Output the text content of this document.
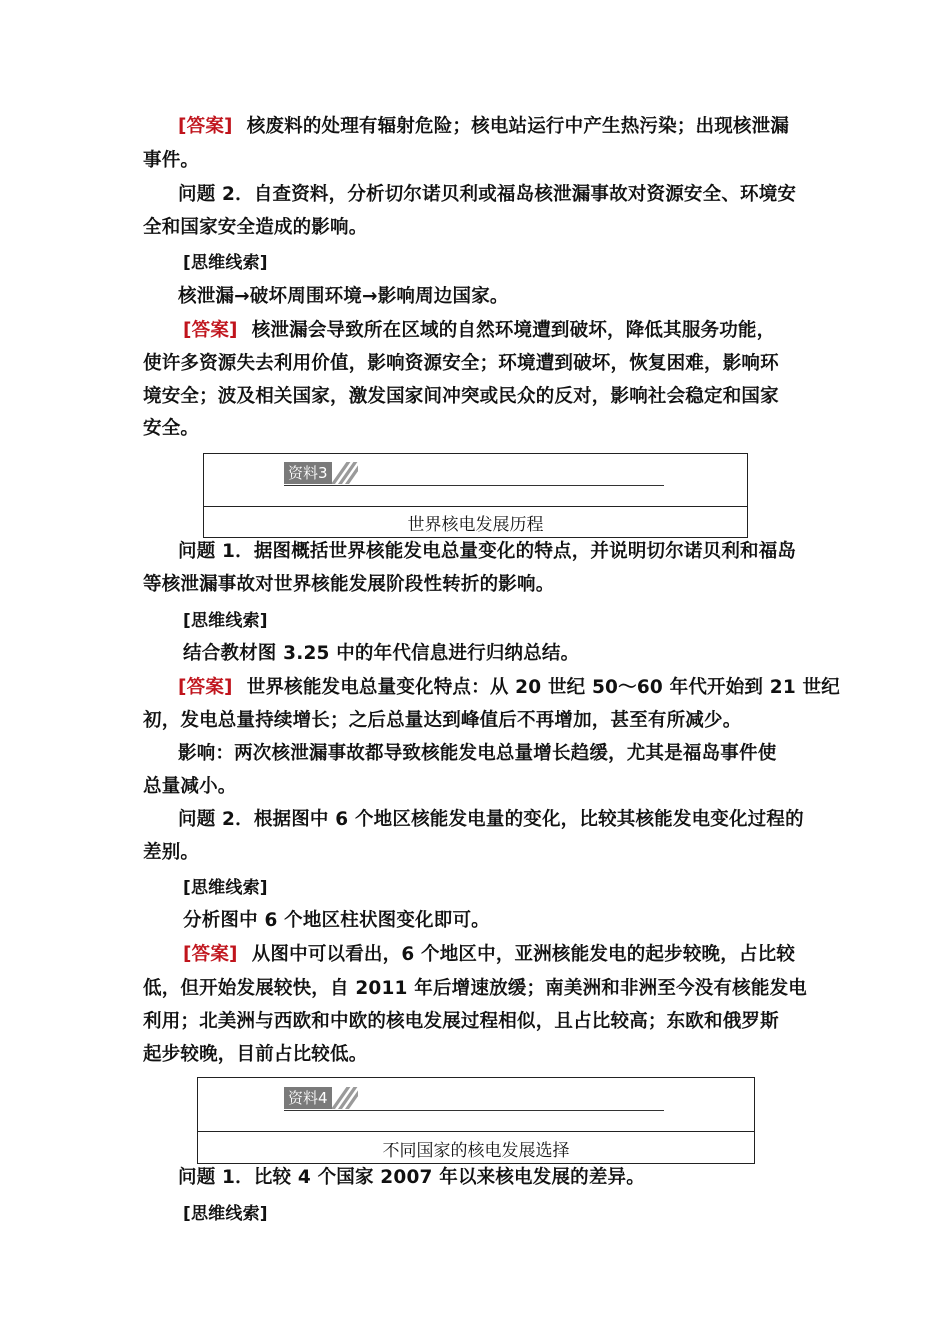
[答案] 核废料的处理有辐射危险；核电站运行中产生热污染；出现核泄漏
事件。
问题 2．自查资料，分析切尔诺贝利或福岛核泄漏事故对资源安全、环境安
全和国家安全造成的影响。
[思维线索]
核泄漏→破坏周围环境→影响周边国家。
[答案] 核泄漏会导致所在区域的自然环境遭到破坏，降低其服务功能，
使许多资源失去利用价值，影响资源安全；环境遭到破坏，恢复困难，影响环
境安全；波及相关国家，激发国家间冲突或民众的反对，影响社会稳定和国家
安全。
资料3
世界核电发展历程
问题 1．据图概括世界核能发电总量变化的特点，并说明切尔诺贝利和福岛
等核泄漏事故对世界核能发展阶段性转折的影响。
[思维线索]
结合教材图 3.25 中的年代信息进行归纳总结。
[答案] 世界核能发电总量变化特点：从 20 世纪 50～60 年代开始到 21 世纪
初，发电总量持续增长；之后总量达到峰值后不再增加，甚至有所减少。
影响：两次核泄漏事故都导致核能发电总量增长趋缓，尤其是福岛事件使
总量减小。
问题 2．根据图中 6 个地区核能发电量的变化，比较其核能发电变化过程的
差别。
[思维线索]
分析图中 6 个地区柱状图变化即可。
[答案] 从图中可以看出，6 个地区中，亚洲核能发电的起步较晚，占比较
低，但开始发展较快，自 2011 年后增速放缓；南美洲和非洲至今没有核能发电
利用；北美洲与西欧和中欧的核电发展过程相似，且占比较高；东欧和俄罗斯
起步较晚，目前占比较低。
资料4
不同国家的核电发展选择
问题 1．比较 4 个国家 2007 年以来核电发展的差异。
[思维线索]
